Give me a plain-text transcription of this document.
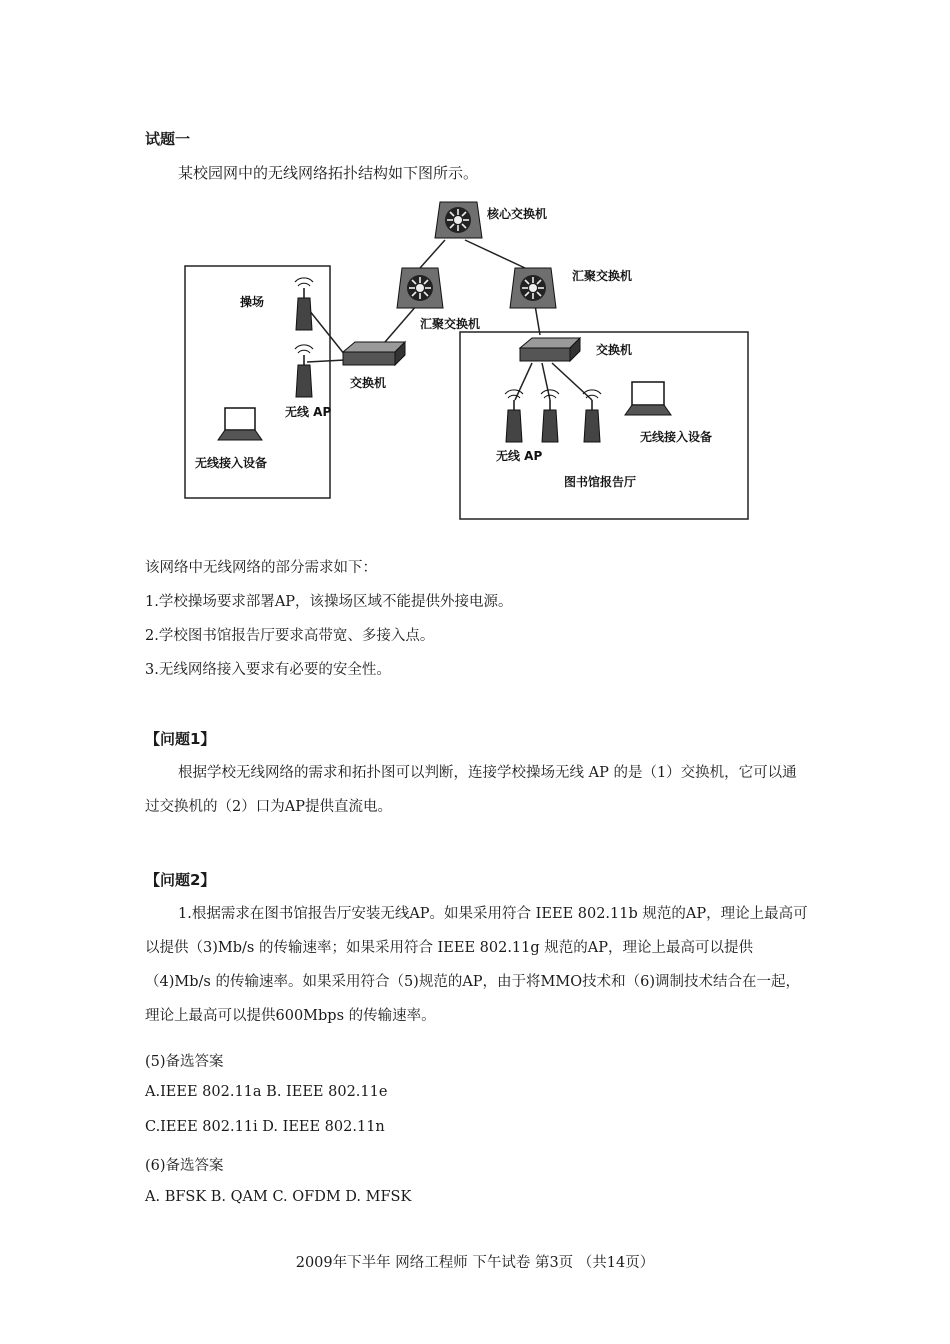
试题一
某校园网中的无线网络拓扑结构如下图所示。
核心交换机
汇聚交换机
汇聚交换机
交换机
交换机
操场
无线 AP
无线接入设备	无线 AP
无线接入设备
图书馆报告厅
该网络中无线网络的部分需求如下：
1.学校操场要求部署AP，该操场区域不能提供外接电源。
2.学校图书馆报告厅要求高带宽、多接入点。
3.无线网络接入要求有必要的安全性。
【问题1】
根据学校无线网络的需求和拓扑图可以判断，连接学校操场无线 AP 的是（1）交换机，它可以通过交换机的（2）口为AP提供直流电。
【问题2】
1.根据需求在图书馆报告厅安装无线AP。如果采用符合 IEEE 802.11b 规范的AP，理论上最高可以提供（3)Mb/s 的传输速率；如果采用符合 IEEE 802.11g 规范的AP，理论上最高可以提供（4)Mb/s 的传输速率。如果采用符合（5)规范的AP，由于将MMO技术和（6)调制技术结合在一起，理论上最高可以提供600Mbps 的传输速率。
(5)备选答案
A.IEEE 802.11a B. IEEE 802.11e
C.IEEE 802.11i D. IEEE 802.11n
(6)备选答案
A. BFSK B. QAM C. OFDM D. MFSK
2009年下半年 网络工程师 下午试卷 第3页 （共14页）
